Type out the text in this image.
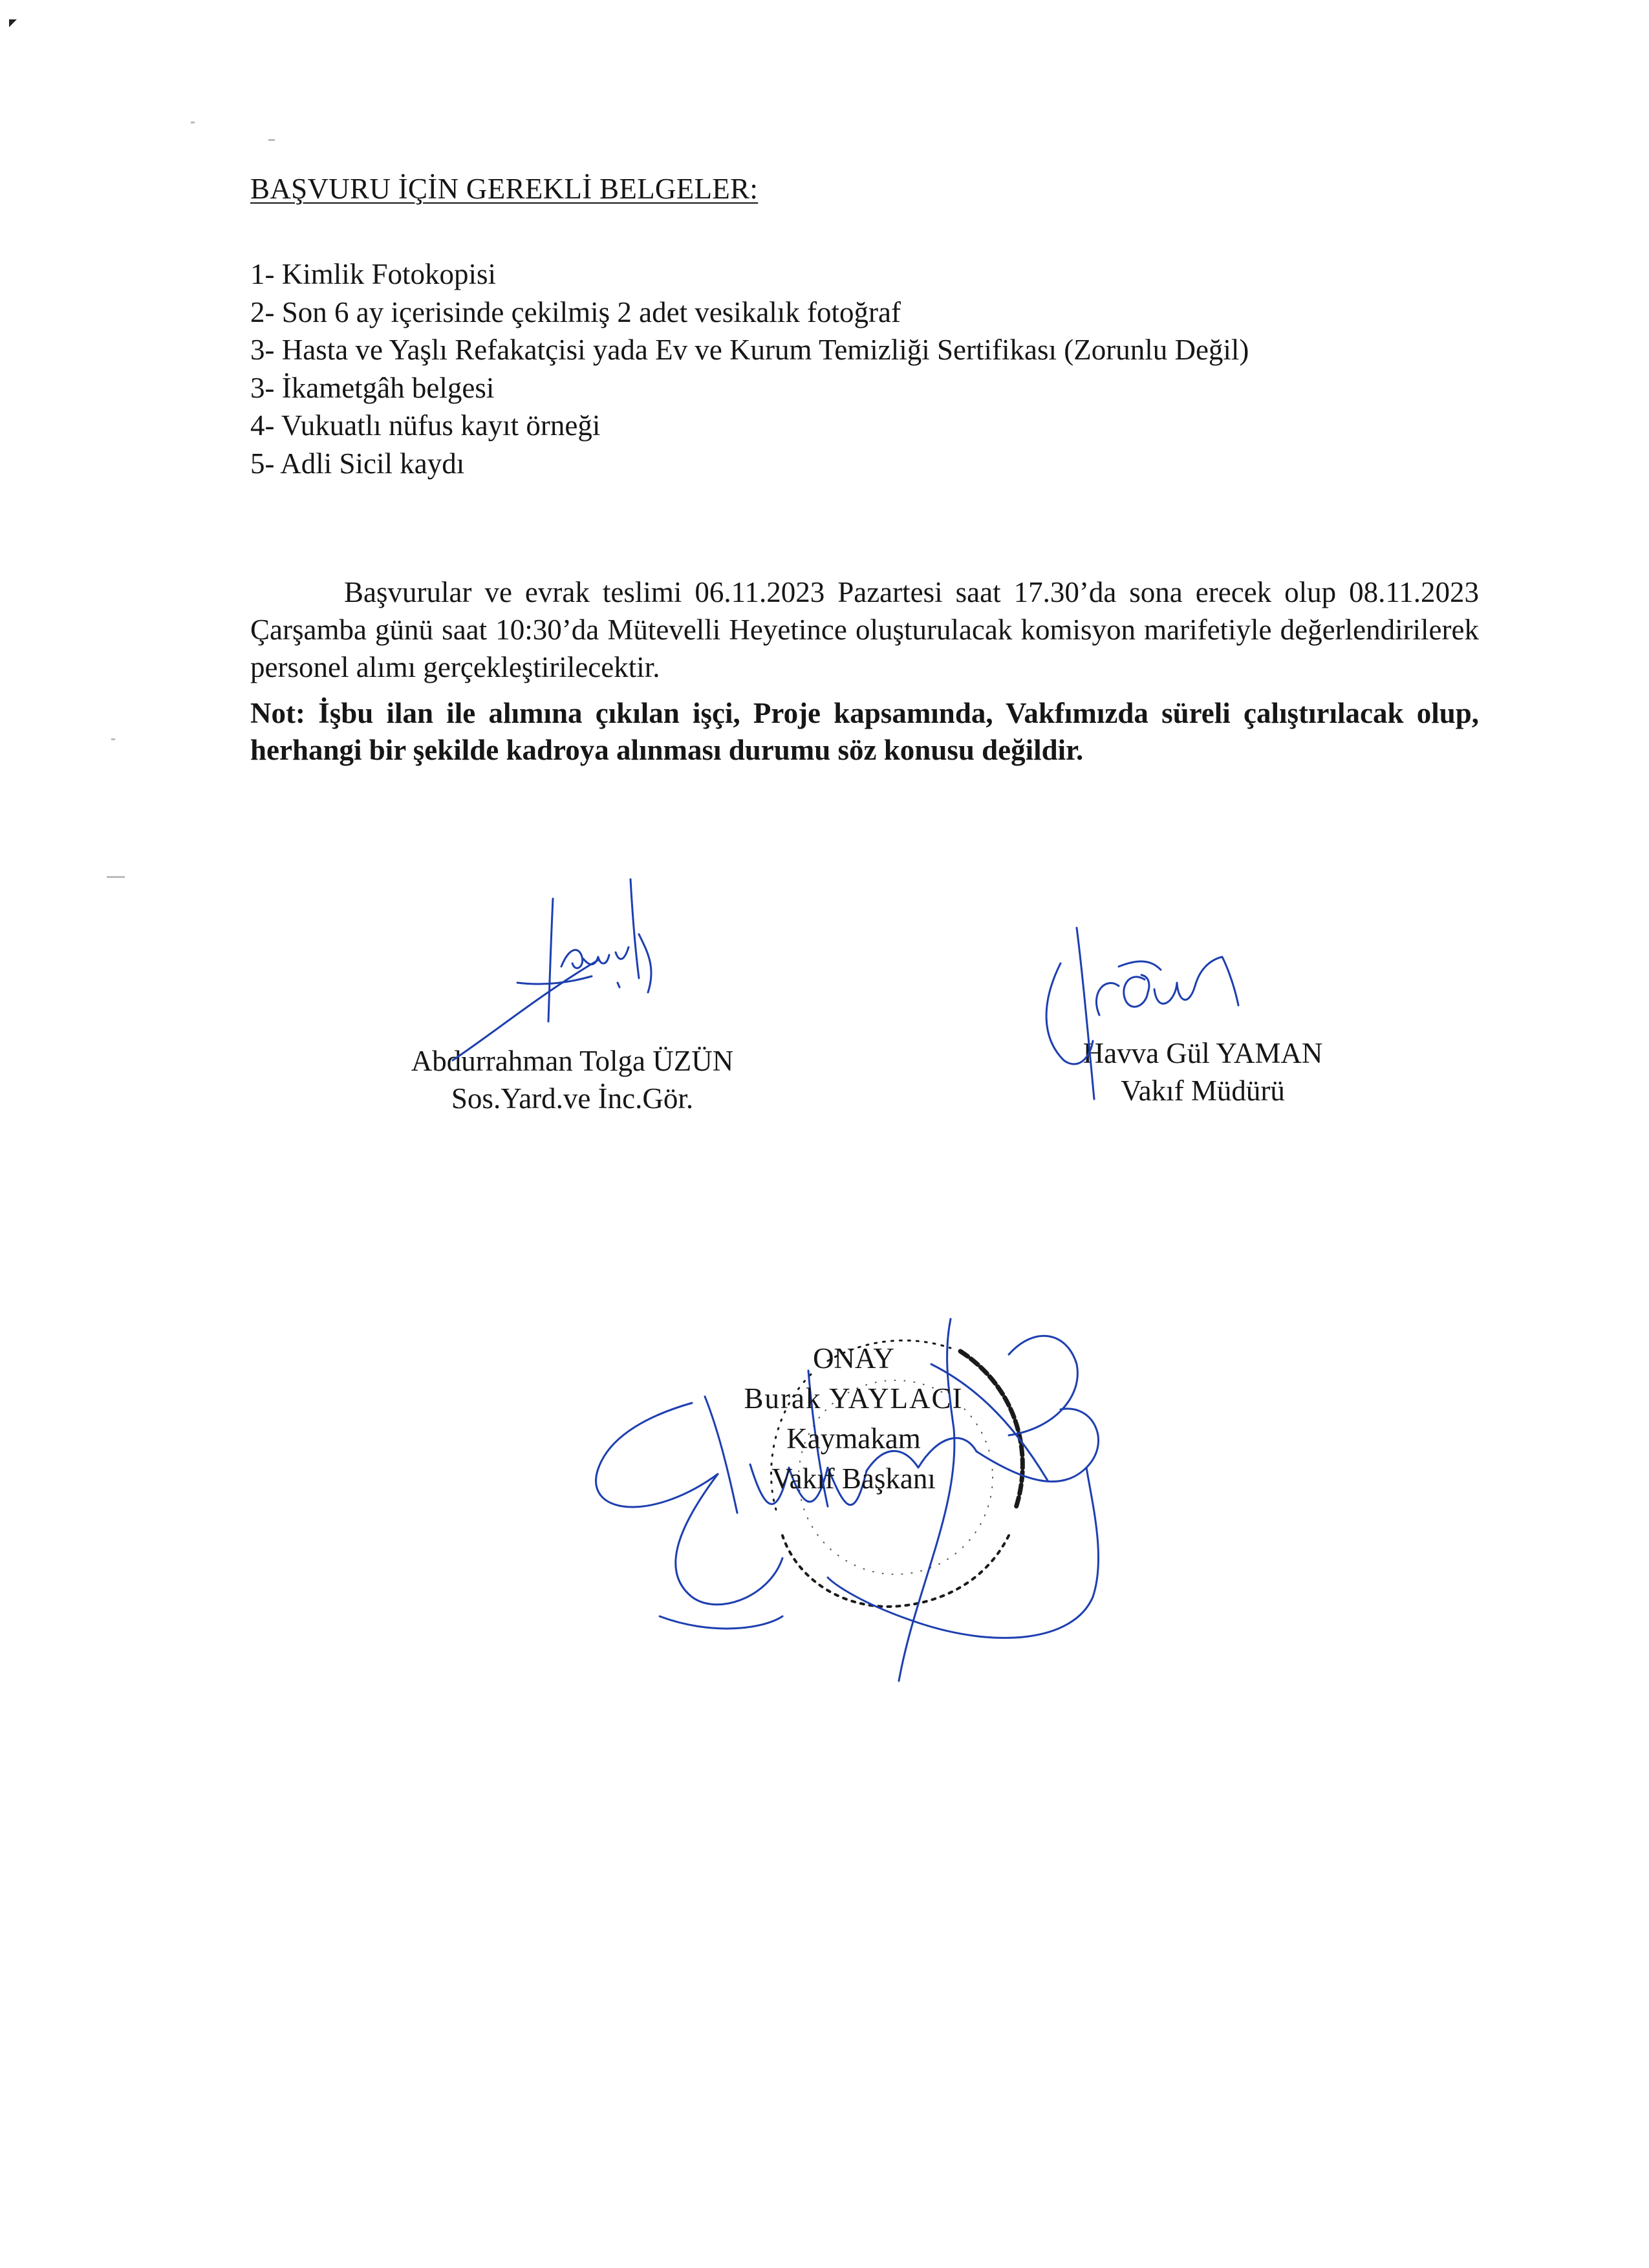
BAŞVURU İÇİN GEREKLİ BELGELER:
1- Kimlik Fotokopisi
2- Son 6 ay içerisinde çekilmiş 2 adet vesikalık fotoğraf
3- Hasta ve Yaşlı Refakatçisi yada Ev ve Kurum Temizliği Sertifikası (Zorunlu Değil)
3- İkametgâh belgesi
4- Vukuatlı nüfus kayıt örneği
5- Adli Sicil kaydı

Başvurular ve evrak teslimi 06.11.2023 Pazartesi saat 17.30’da sona erecek olup 08.11.2023 Çarşamba günü saat 10:30’da Mütevelli Heyetince oluşturulacak komisyon marifetiyle değerlendirilerek personel alımı gerçekleştirilecektir.

Not: İşbu ilan ile alımına çıkılan işçi, Proje kapsamında, Vakfımızda süreli çalıştırılacak olup, herhangi bir şekilde kadroya alınması durumu söz konusu değildir.

Abdurrahman Tolga ÜZÜN
Sos.Yard.ve İnc.Gör.
Havva Gül YAMAN
Vakıf Müdürü
ONAY
Burak YAYLACI
Kaymakam
Vakıf Başkanı
